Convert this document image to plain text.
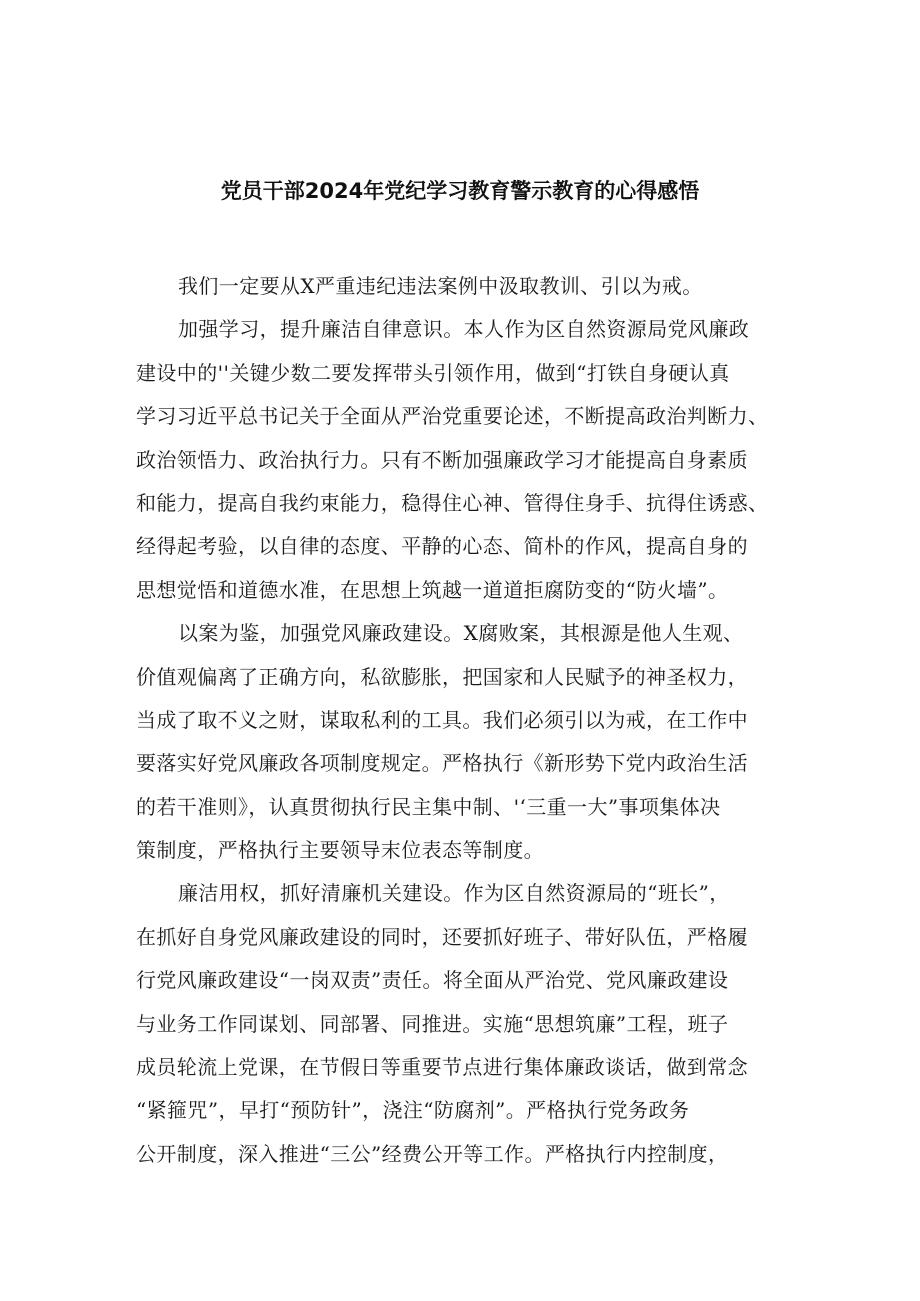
党员干部2024年党纪学习教育警示教育的心得感悟
我们一定要从X严重违纪违法案例中汲取教训、引以为戒。
加强学习，提升廉洁自律意识。本人作为区自然资源局党风廉政
建设中的''关键少数二要发挥带头引领作用，做到“打铁自身硬认真
学习习近平总书记关于全面从严治党重要论述，不断提高政治判断力、
政治领悟力、政治执行力。只有不断加强廉政学习才能提高自身素质
和能力，提高自我约束能力，稳得住心神、管得住身手、抗得住诱惑、
经得起考验，以自律的态度、平静的心态、简朴的作风，提高自身的
思想觉悟和道德水准，在思想上筑越一道道拒腐防变的“防火墙”。
以案为鉴，加强党风廉政建设。X腐败案，其根源是他人生观、
价值观偏离了正确方向，私欲膨胀，把国家和人民赋予的神圣权力，
当成了取不义之财，谋取私利的工具。我们必须引以为戒，在工作中
要落实好党风廉政各项制度规定。严格执行《新形势下党内政治生活
的若干准则》，认真贯彻执行民主集中制、'‘三重一大”事项集体决
策制度，严格执行主要领导末位表态等制度。
廉洁用权，抓好清廉机关建设。作为区自然资源局的“班长”，
在抓好自身党风廉政建设的同时，还要抓好班子、带好队伍，严格履
行党风廉政建设“一岗双责”责任。将全面从严治党、党风廉政建设
与业务工作同谋划、同部署、同推进。实施“思想筑廉”工程，班子
成员轮流上党课，在节假日等重要节点进行集体廉政谈话，做到常念
“紧箍咒”，早打“预防针”，浇注“防腐剂”。严格执行党务政务
公开制度，深入推进“三公”经费公开等工作。严格执行内控制度，
